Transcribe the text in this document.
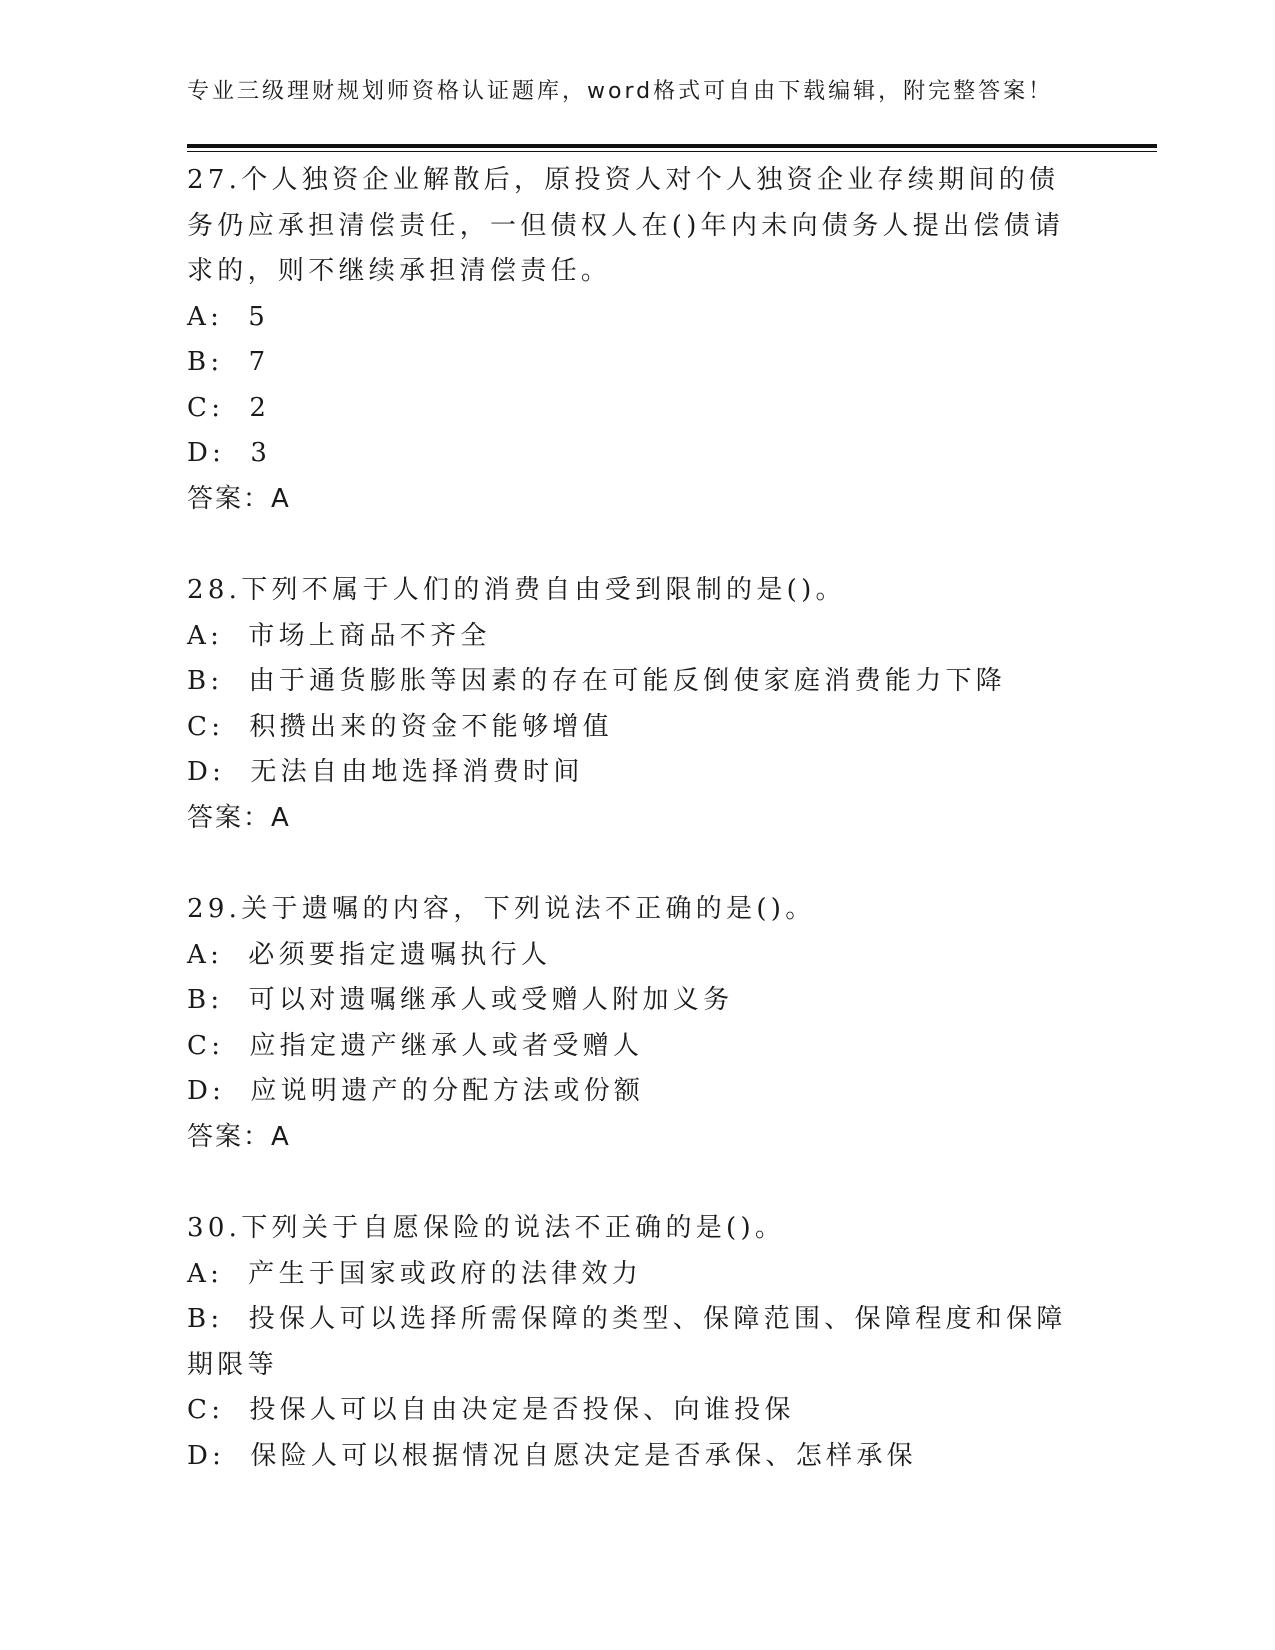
专业三级理财规划师资格认证题库，word格式可自由下载编辑，附完整答案！
27.个人独资企业解散后，原投资人对个人独资企业存续期间的债务仍应承担清偿责任，一但债权人在()年内未向债务人提出偿债请求的，则不继续承担清偿责任。
A:  5
B:  7
C:  2
D:  3
答案：A
28.下列不属于人们的消费自由受到限制的是()。
A:  市场上商品不齐全
B:  由于通货膨胀等因素的存在可能反倒使家庭消费能力下降
C:  积攒出来的资金不能够增值
D:  无法自由地选择消费时间
答案：A
29.关于遗嘱的内容，下列说法不正确的是()。
A:  必须要指定遗嘱执行人
B:  可以对遗嘱继承人或受赠人附加义务
C:  应指定遗产继承人或者受赠人
D:  应说明遗产的分配方法或份额
答案：A
30.下列关于自愿保险的说法不正确的是()。
A:  产生于国家或政府的法律效力
B:  投保人可以选择所需保障的类型、保障范围、保障程度和保障期限等
C:  投保人可以自由决定是否投保、向谁投保
D:  保险人可以根据情况自愿决定是否承保、怎样承保
